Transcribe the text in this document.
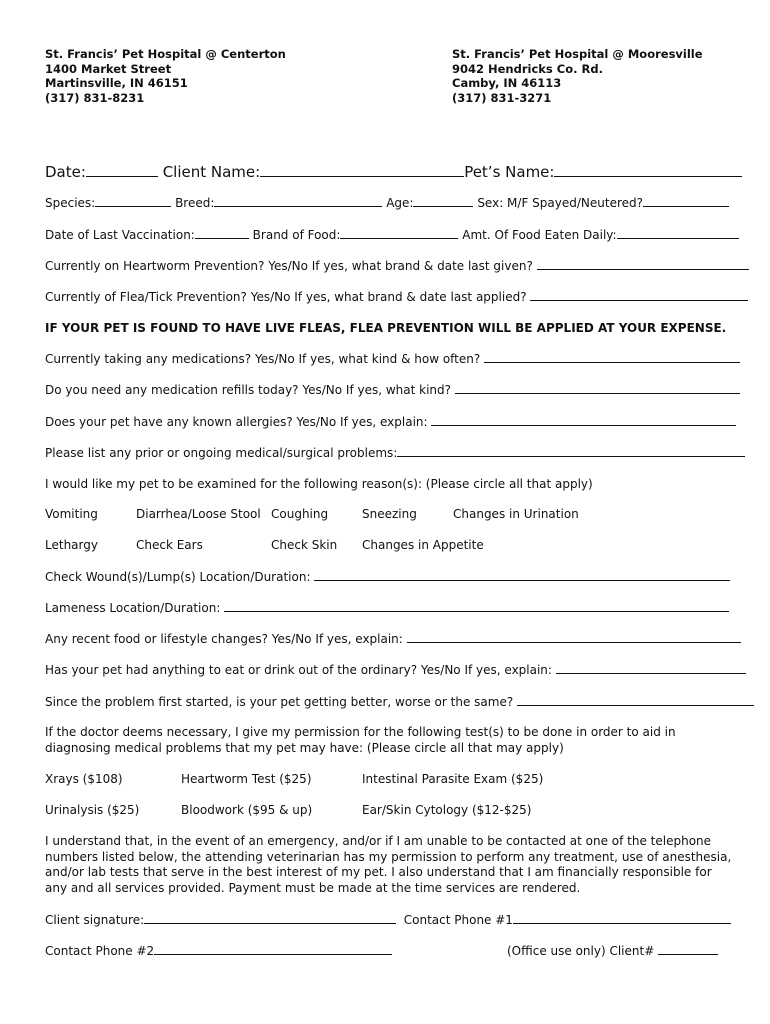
St. Francis’ Pet Hospital @ Centerton
1400 Market Street
Martinsville, IN 46151
(317) 831-8231
St. Francis’ Pet Hospital @ Mooresville
9042 Hendricks Co. Rd.
Camby, IN 46113
(317) 831-3271
Date:	Client Name:	Pet’s Name:
Species:	Breed:	Age:	Sex: M/F Spayed/Neutered?
Date of Last Vaccination:	Brand of Food:	Amt. Of Food Eaten Daily:
Currently on Heartworm Prevention? Yes/No If yes, what brand & date last given?
Currently of Flea/Tick Prevention? Yes/No If yes, what brand & date last applied?
IF YOUR PET IS FOUND TO HAVE LIVE FLEAS, FLEA PREVENTION WILL BE APPLIED AT YOUR EXPENSE.
Currently taking any medications? Yes/No If yes, what kind & how often?
Do you need any medication refills today? Yes/No If yes, what kind?
Does your pet have any known allergies? Yes/No If yes, explain:
Please list any prior or ongoing medical/surgical problems:
I would like my pet to be examined for the following reason(s): (Please circle all that apply)
Vomiting	Diarrhea/Loose Stool Coughing	Sneezing	Changes in Urination
Lethargy	Check Ears	Check Skin Changes in Appetite
Check Wound(s)/Lump(s) Location/Duration:
Lameness Location/Duration:
Any recent food or lifestyle changes? Yes/No If yes, explain:
Has your pet had anything to eat or drink out of the ordinary? Yes/No If yes, explain:
Since the problem first started, is your pet getting better, worse or the same?
If the doctor deems necessary, I give my permission for the following test(s) to be done in order to aid in diagnosing medical problems that my pet may have: (Please circle all that may apply)
Xrays ($108)	Heartworm Test ($25)	Intestinal Parasite Exam ($25)
Urinalysis ($25)	Bloodwork ($95 & up)	Ear/Skin Cytology ($12-$25)
I understand that, in the event of an emergency, and/or if I am unable to be contacted at one of the telephone numbers listed below, the attending veterinarian has my permission to perform any treatment, use of anesthesia, and/or lab tests that serve in the best interest of my pet. I also understand that I am financially responsible for any and all services provided. Payment must be made at the time services are rendered.
Client signature:	Contact Phone #1
Contact Phone #2	(Office use only) Client#
